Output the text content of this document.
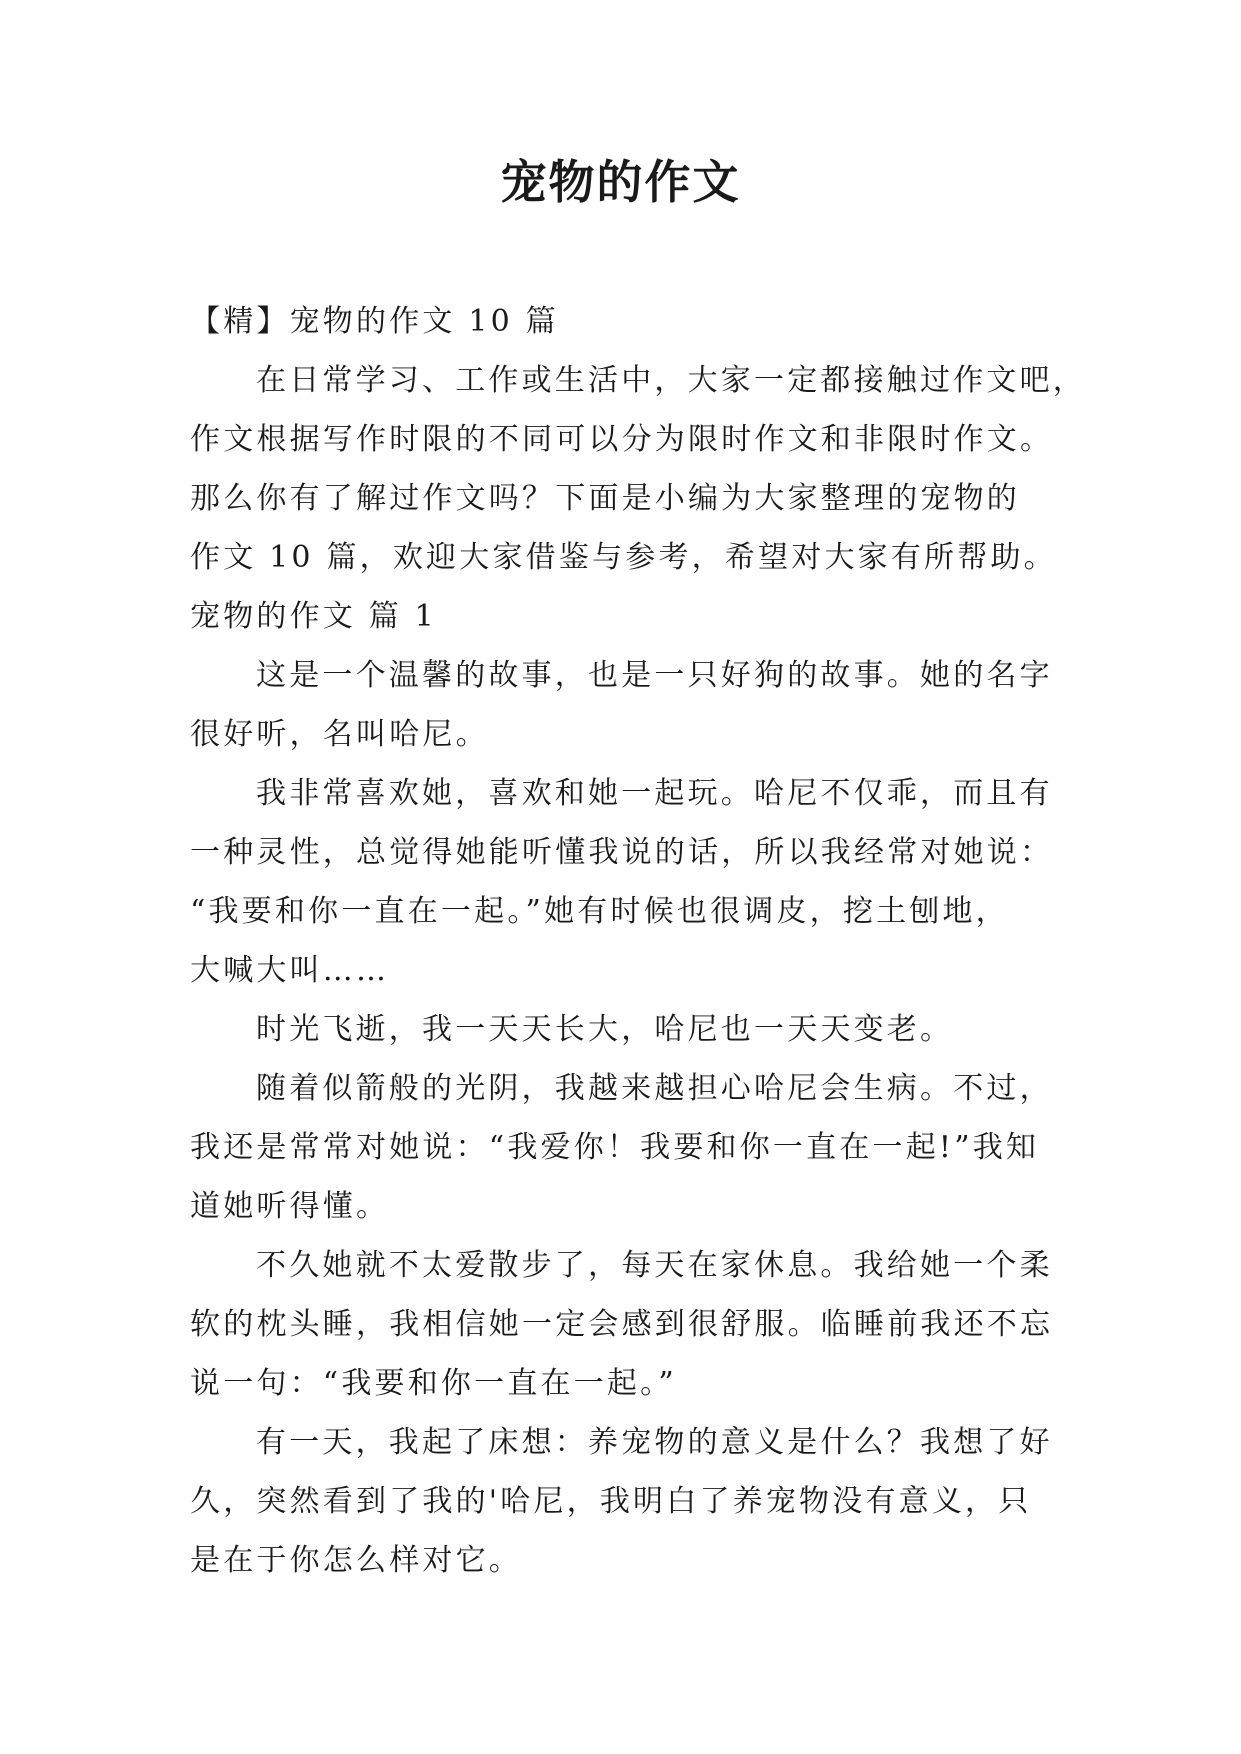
宠物的作文
【精】宠物的作文 10 篇
在日常学习、工作或生活中，大家一定都接触过作文吧，
作文根据写作时限的不同可以分为限时作文和非限时作文。
那么你有了解过作文吗？下面是小编为大家整理的宠物的
作文 10 篇，欢迎大家借鉴与参考，希望对大家有所帮助。
宠物的作文 篇 1
这是一个温馨的故事，也是一只好狗的故事。她的名字
很好听，名叫哈尼。
我非常喜欢她，喜欢和她一起玩。哈尼不仅乖，而且有
一种灵性，总觉得她能听懂我说的话，所以我经常对她说：
“我要和你一直在一起。”她有时候也很调皮，挖土刨地，
大喊大叫……
时光飞逝，我一天天长大，哈尼也一天天变老。
随着似箭般的光阴，我越来越担心哈尼会生病。不过，
我还是常常对她说：“我爱你！我要和你一直在一起!”我知
道她听得懂。
不久她就不太爱散步了，每天在家休息。我给她一个柔
软的枕头睡，我相信她一定会感到很舒服。临睡前我还不忘
说一句：“我要和你一直在一起。”
有一天，我起了床想：养宠物的意义是什么？我想了好
久，突然看到了我的'哈尼，我明白了养宠物没有意义，只
是在于你怎么样对它。
